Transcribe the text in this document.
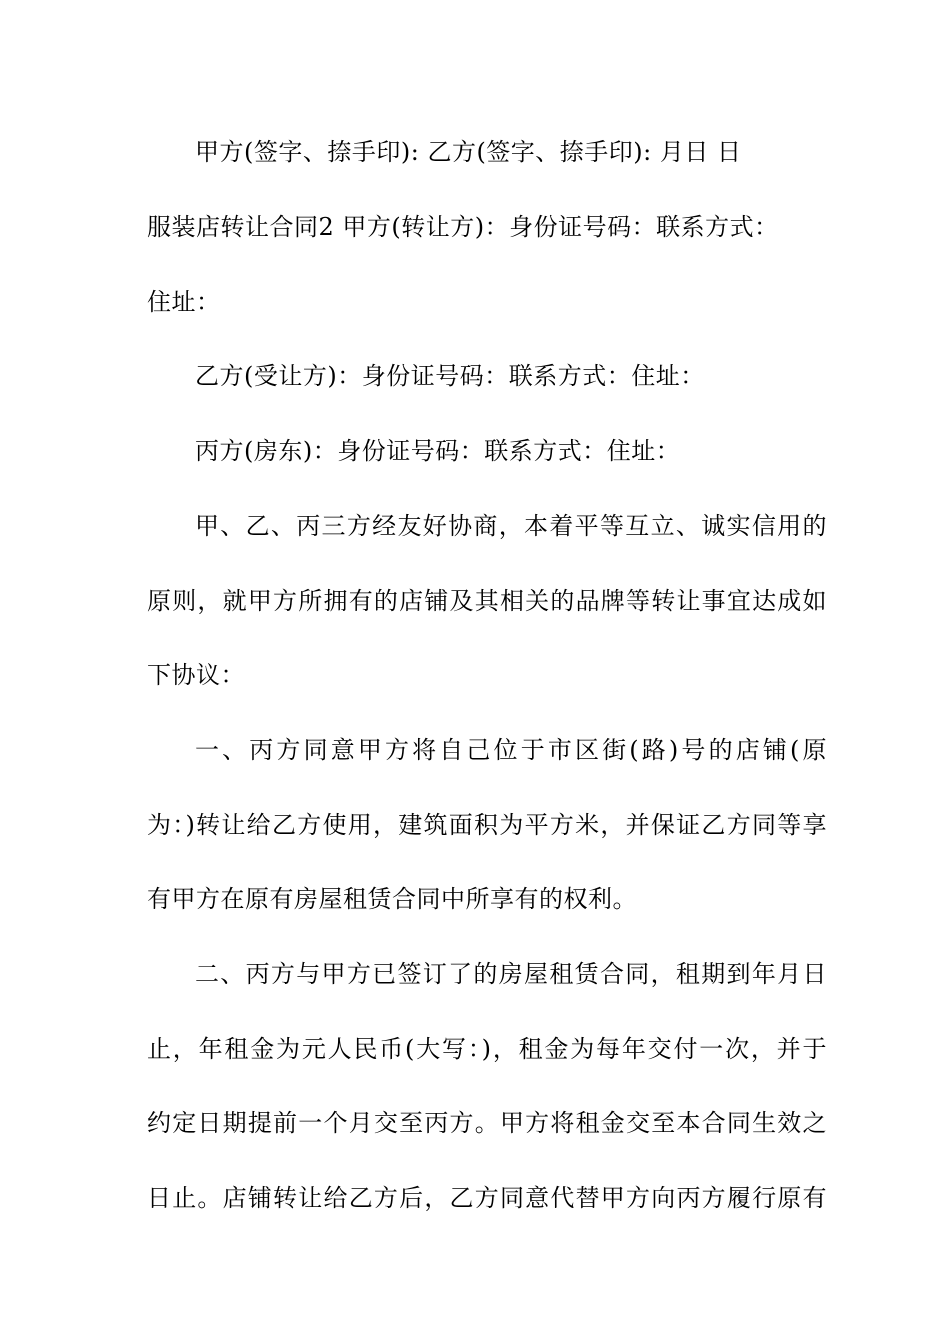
甲方(签字、捺手印): 乙方(签字、捺手印): 月日 日
服装店转让合同2 甲方(转让方)：身份证号码：联系方式：
住址：
乙方(受让方)：身份证号码：联系方式：住址：
丙方(房东)：身份证号码：联系方式：住址：
甲、乙、丙三方经友好协商，本着平等互立、诚实信用的
原则，就甲方所拥有的店铺及其相关的品牌等转让事宜达成如
下协议：
一、丙方同意甲方将自己位于市区街(路)号的店铺(原
为：)转让给乙方使用，建筑面积为平方米，并保证乙方同等享
有甲方在原有房屋租赁合同中所享有的权利。
二、丙方与甲方已签订了的房屋租赁合同，租期到年月日
止，年租金为元人民币(大写：)，租金为每年交付一次，并于
约定日期提前一个月交至丙方。甲方将租金交至本合同生效之
日止。店铺转让给乙方后，乙方同意代替甲方向丙方履行原有
